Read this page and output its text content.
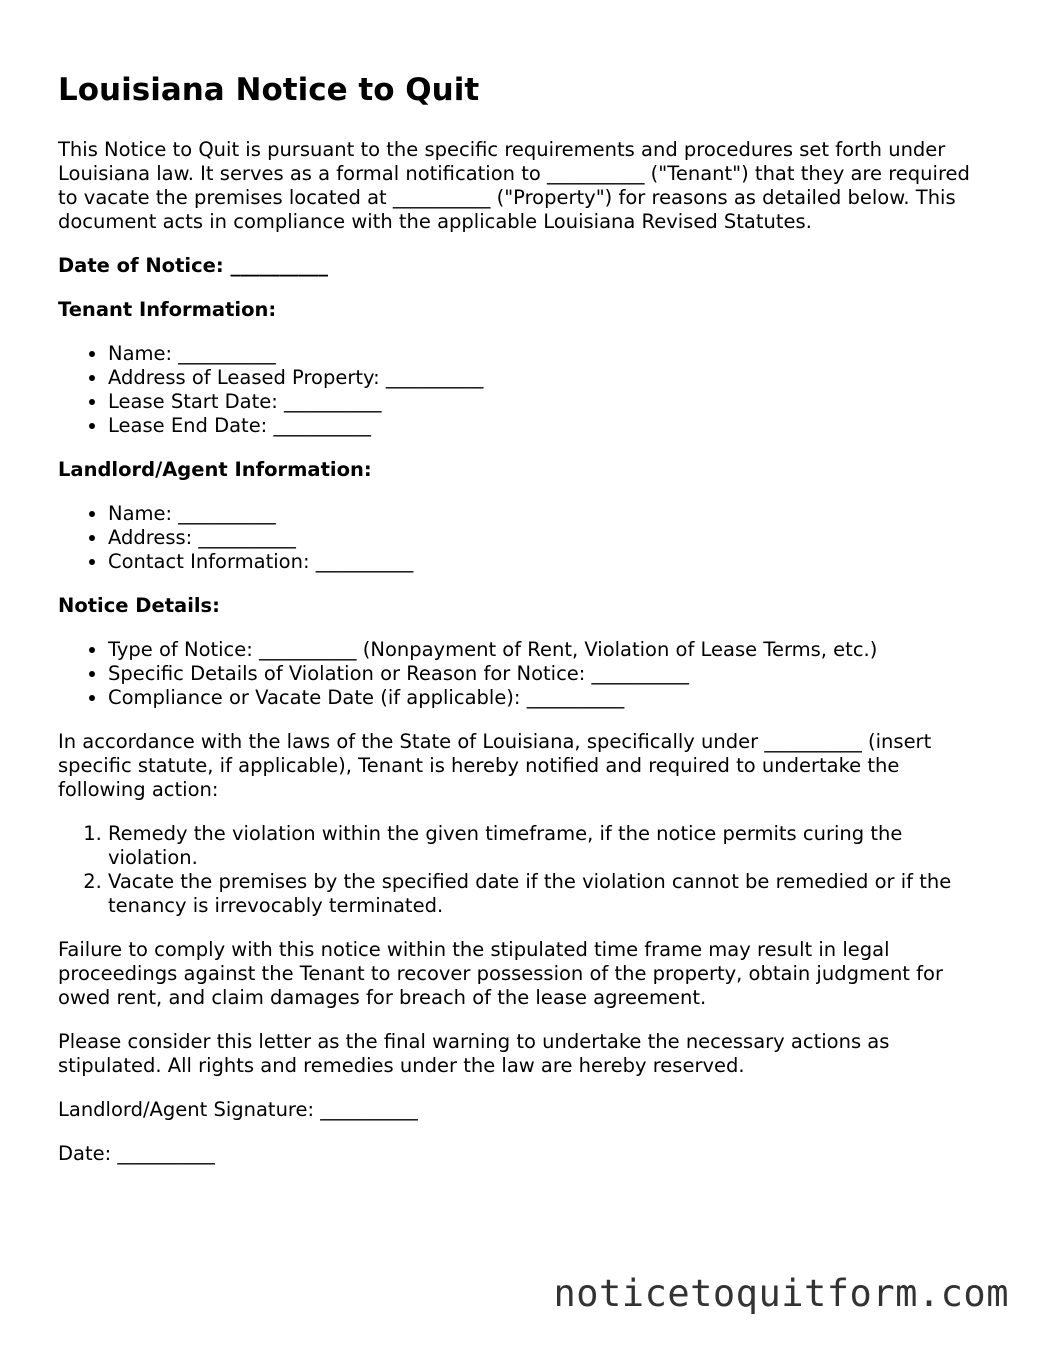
Louisiana Notice to Quit

This Notice to Quit is pursuant to the specific requirements and procedures set forth under Louisiana law. It serves as a formal notification to __________ ("Tenant") that they are required to vacate the premises located at __________ ("Property") for reasons as detailed below. This document acts in compliance with the applicable Louisiana Revised Statutes.

Date of Notice: __________
Tenant Information:
• Name: __________
• Address of Leased Property: __________
• Lease Start Date: __________
• Lease End Date: __________
Landlord/Agent Information:
• Name: __________
• Address: __________
• Contact Information: __________
Notice Details:
• Type of Notice: __________ (Nonpayment of Rent, Violation of Lease Terms, etc.)
• Specific Details of Violation or Reason for Notice: __________
• Compliance or Vacate Date (if applicable): __________

In accordance with the laws of the State of Louisiana, specifically under __________ (insert specific statute, if applicable), Tenant is hereby notified and required to undertake the following action:

1. Remedy the violation within the given timeframe, if the notice permits curing the violation.
2. Vacate the premises by the specified date if the violation cannot be remedied or if the tenancy is irrevocably terminated.

Failure to comply with this notice within the stipulated time frame may result in legal proceedings against the Tenant to recover possession of the property, obtain judgment for owed rent, and claim damages for breach of the lease agreement.

Please consider this letter as the final warning to undertake the necessary actions as stipulated. All rights and remedies under the law are hereby reserved.

Landlord/Agent Signature: __________
Date: __________
noticetoquitform.com
